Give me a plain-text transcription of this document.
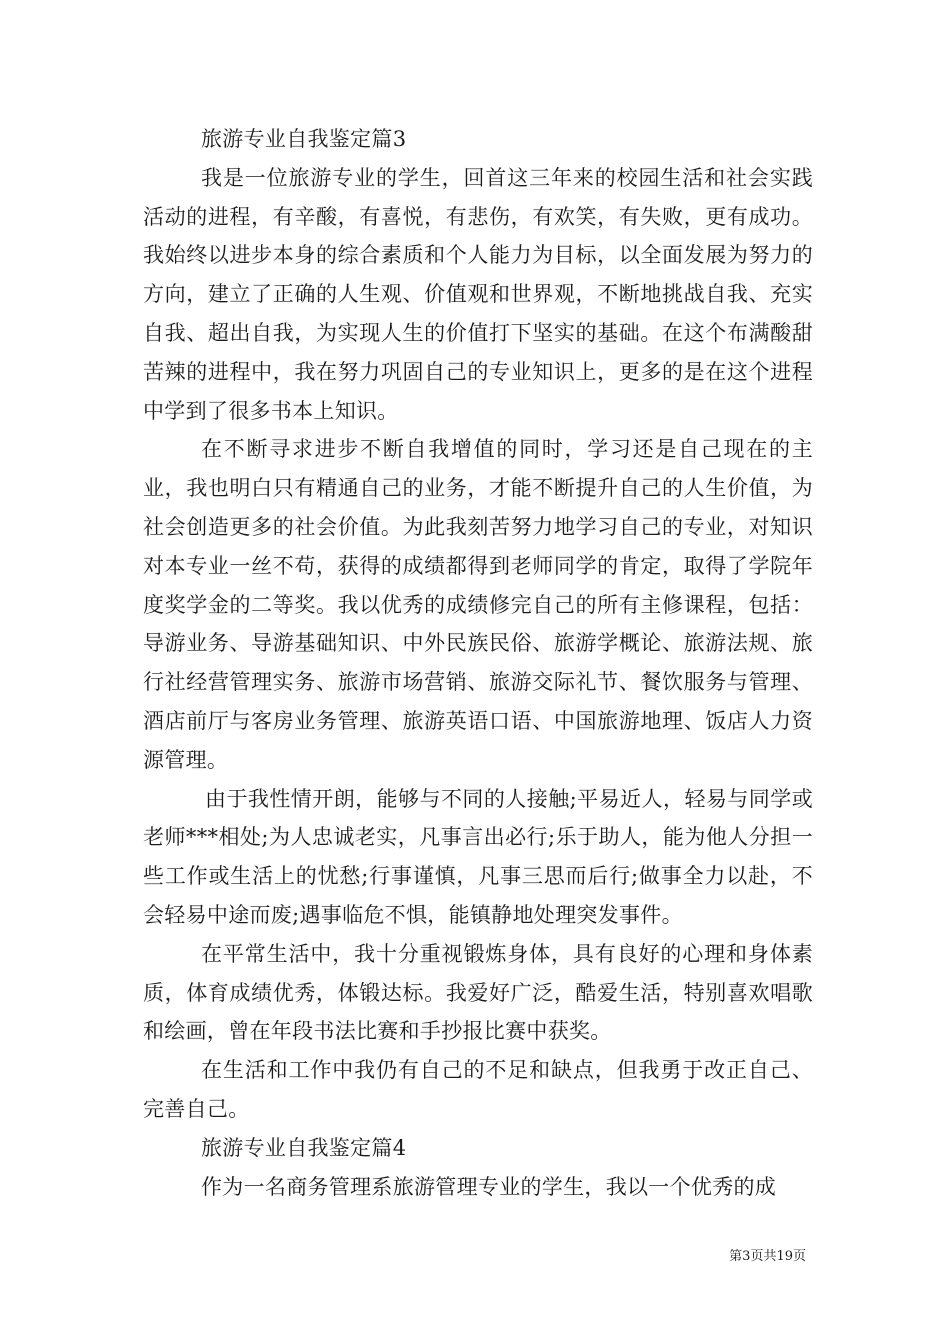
旅游专业自我鉴定篇3

我是一位旅游专业的学生，回首这三年来的校园生活和社会实践活动的进程，有辛酸，有喜悦，有悲伤，有欢笑，有失败，更有成功。我始终以进步本身的综合素质和个人能力为目标，以全面发展为努力的方向，建立了正确的人生观、价值观和世界观，不断地挑战自我、充实自我、超出自我，为实现人生的价值打下坚实的基础。在这个布满酸甜苦辣的进程中，我在努力巩固自己的专业知识上，更多的是在这个进程中学到了很多书本上知识。

在不断寻求进步不断自我增值的同时，学习还是自己现在的主业，我也明白只有精通自己的业务，才能不断提升自己的人生价值，为社会创造更多的社会价值。为此我刻苦努力地学习自己的专业，对知识对本专业一丝不苟，获得的成绩都得到老师同学的肯定，取得了学院年度奖学金的二等奖。我以优秀的成绩修完自己的所有主修课程，包括：导游业务、导游基础知识、中外民族民俗、旅游学概论、旅游法规、旅行社经营管理实务、旅游市场营销、旅游交际礼节、餐饮服务与管理、酒店前厅与客房业务管理、旅游英语口语、中国旅游地理、饭店人力资源管理。

由于我性情开朗，能够与不同的人接触;平易近人，轻易与同学或老师***相处;为人忠诚老实，凡事言出必行;乐于助人，能为他人分担一些工作或生活上的忧愁;行事谨慎，凡事三思而后行;做事全力以赴，不会轻易中途而废;遇事临危不惧，能镇静地处理突发事件。

在平常生活中，我十分重视锻炼身体，具有良好的心理和身体素质，体育成绩优秀，体锻达标。我爱好广泛，酷爱生活，特别喜欢唱歌和绘画，曾在年段书法比赛和手抄报比赛中获奖。

在生活和工作中我仍有自己的不足和缺点，但我勇于改正自己、完善自己。

旅游专业自我鉴定篇4

作为一名商务管理系旅游管理专业的学生，我以一个优秀的成

第3页共19页
